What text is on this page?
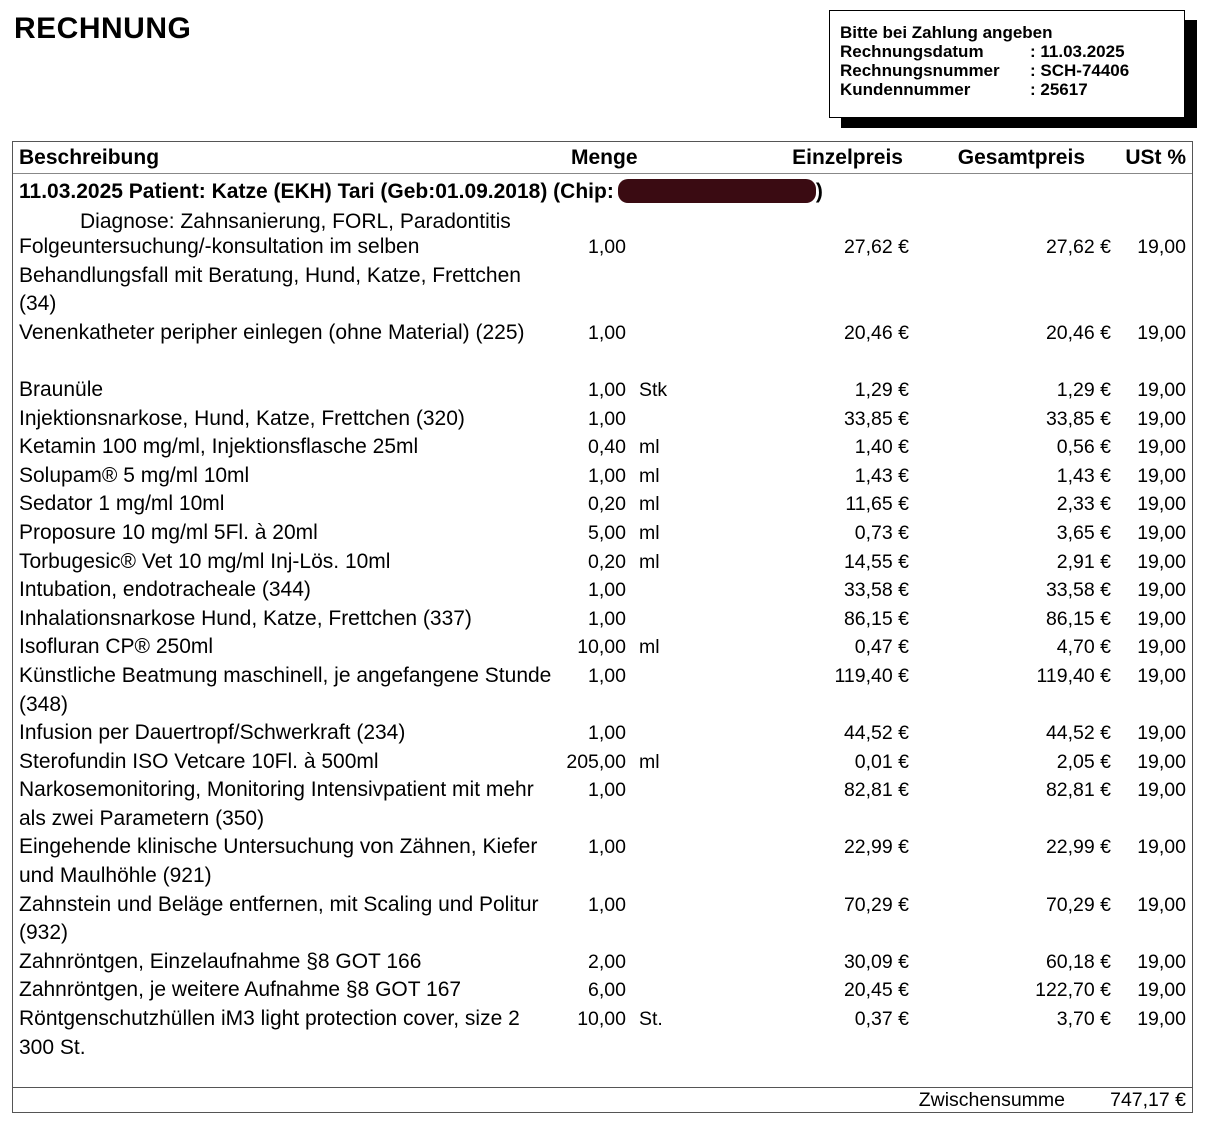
RECHNUNG	Bitte bei Zahlung angeben
Rechnungsdatum	: 11.03.2025
Rechnungsnummer	: SCH-74406
Kundennummer	: 25617
Beschreibung	Menge	Einzelpreis	Gesamtpreis USt %
11.03.2025 Patient: Katze (EKH) Tari (Geb:01.09.2018) (Chip:	)
Diagnose: Zahnsanierung, FORL, Paradontitis
Folgeuntersuchung/-konsultation im selben Behandlungsfall mit Beratung, Hund, Katze, Frettchen (34)
1,00	27,62 €	27,62 € 19,00
Venenkatheter peripher einlegen (ohne Material) (225)	1,00	20,46 €	20,46 € 19,00
Braunüle	1,00 Stk	1,29 €	1,29 € 19,00
Injektionsnarkose, Hund, Katze, Frettchen (320)	1,00	33,85 €	33,85 € 19,00
Ketamin 100 mg/ml, Injektionsflasche 25ml	0,40 ml	1,40 €	0,56 € 19,00
Solupam® 5 mg/ml 10ml	1,00 ml	1,43 €	1,43 € 19,00
Sedator 1 mg/ml 10ml	0,20 ml	11,65 €	2,33 € 19,00
Proposure 10 mg/ml 5Fl. à 20ml	5,00 ml	0,73 €	3,65 € 19,00
Torbugesic® Vet 10 mg/ml Inj-Lös. 10ml	0,20 ml	14,55 €	2,91 € 19,00
Intubation, endotracheale (344)	1,00	33,58 €	33,58 € 19,00
Inhalationsnarkose Hund, Katze, Frettchen (337)	1,00	86,15 €	86,15 € 19,00
Isofluran CP® 250ml	10,00 ml	0,47 €	4,70 € 19,00
Künstliche Beatmung maschinell, je angefangene Stunde (348)
1,00	119,40 €	119,40 € 19,00
Infusion per Dauertropf/Schwerkraft (234)	1,00	44,52 €	44,52 € 19,00
Sterofundin ISO Vetcare 10Fl. à 500ml	205,00 ml	0,01 €	2,05 € 19,00
Narkosemonitoring, Monitoring Intensivpatient mit mehr als zwei Parametern (350)
1,00	82,81 €	82,81 € 19,00
Eingehende klinische Untersuchung von Zähnen, Kiefer und Maulhöhle (921)
1,00	22,99 €	22,99 € 19,00
Zahnstein und Beläge entfernen, mit Scaling und Politur (932)
1,00	70,29 €	70,29 € 19,00
Zahnröntgen, Einzelaufnahme §8 GOT 166	2,00	30,09 €	60,18 € 19,00
Zahnröntgen, je weitere Aufnahme §8 GOT 167	6,00	20,45 €	122,70 € 19,00
Röntgenschutzhüllen iM3 light protection cover, size 2 300 St.
10,00 St.	0,37 €	3,70 € 19,00
Zwischensumme 747,17 €
